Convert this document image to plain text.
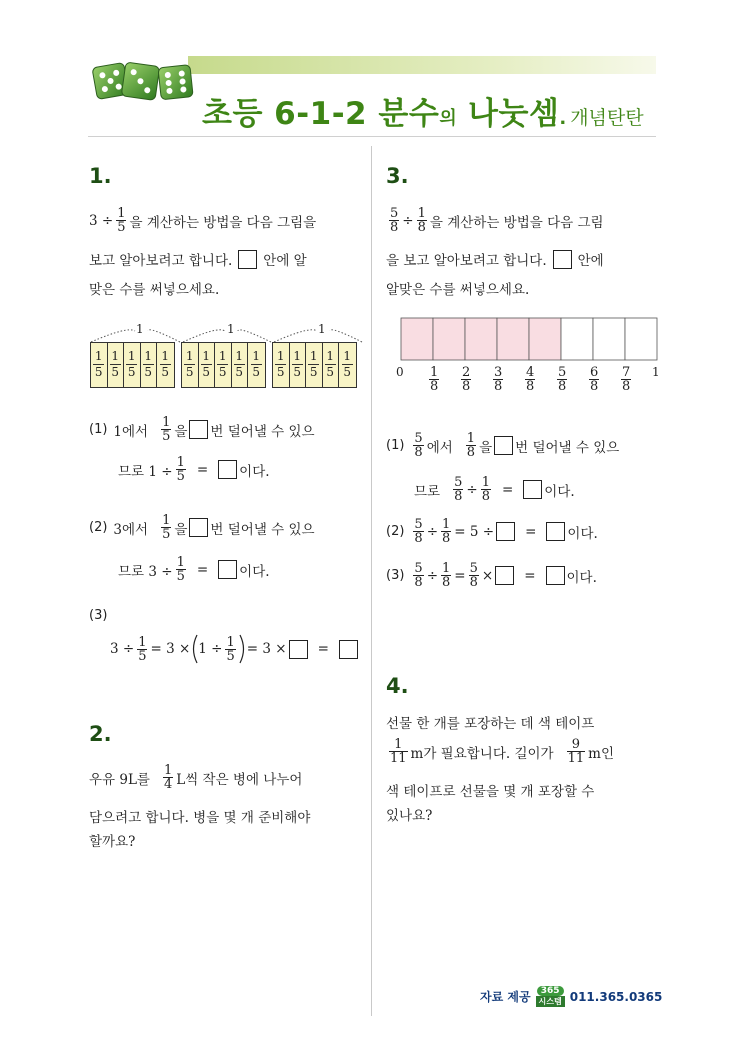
초등 6-1-2 분수의 나눗셈. 개념탄탄
1.
$3 \div \frac{1}{5}$ 을 계산하는 방법을 다음 그림을
보고 알아보려고 합니다. 안에 알
맞은 수를 써넣으세요.
1	1	1
1
5
1
5
1
5
1
5
1
5
1
5
1
5
1
5
1
5
1
5
1
5
1
5
1
5
1
5
1
5
(1) 1에서 $\frac{1}{5}$ 을 번 덜어낼 수 있으
므로 $1 \div \frac{1}{5}$ = 이다.
(2) 3에서 $\frac{1}{5}$ 을 번 덜어낼 수 있으
므로 $3 \div \frac{1}{5}$ = 이다.
(3)
$3 \div \frac{1}{5} = 3 \times 1 \div \frac{1}{5} = 3$ × =
2.
우유 9L를 $\frac{1}{4}$ L씩 작은 병에 나누어
담으려고 합니다. 병을 몇 개 준비해야
할까요?
3.
$\frac{5}{8} \div \frac{1}{8}$ 을 계산하는 방법을 다음 그림
을 보고 알아보려고 합니다. 안에
알맞은 수를 써넣으세요.
0	1
$\frac{1}{8} \frac{2}{8} \frac{3}{8} \frac{4}{8} \frac{5}{8} \frac{6}{8} \frac{7}{8}$
$(1) \frac{5}{8}$ 에서 $\frac{1}{8}$ 을 번 덜어낼 수 있으
므로 $\frac{5}{8} \div \frac{1}{8}$ = 이다.
$(2) \frac{5}{8} \div \frac{1}{8} = 5$ ÷ = 이다.
$(3) \frac{5}{8} \div \frac{1}{8} = \frac{5}{8}$ × = 이다.
4.
선물 한 개를 포장하는 데 색 테이프
$\frac{1}{11}$ m가 필요합니다. 길이가 $\frac{9}{11}$ m인
색 테이프로 선물을 몇 개 포장할 수
있나요?
자료 제공	365
시스템 011.365.0365
